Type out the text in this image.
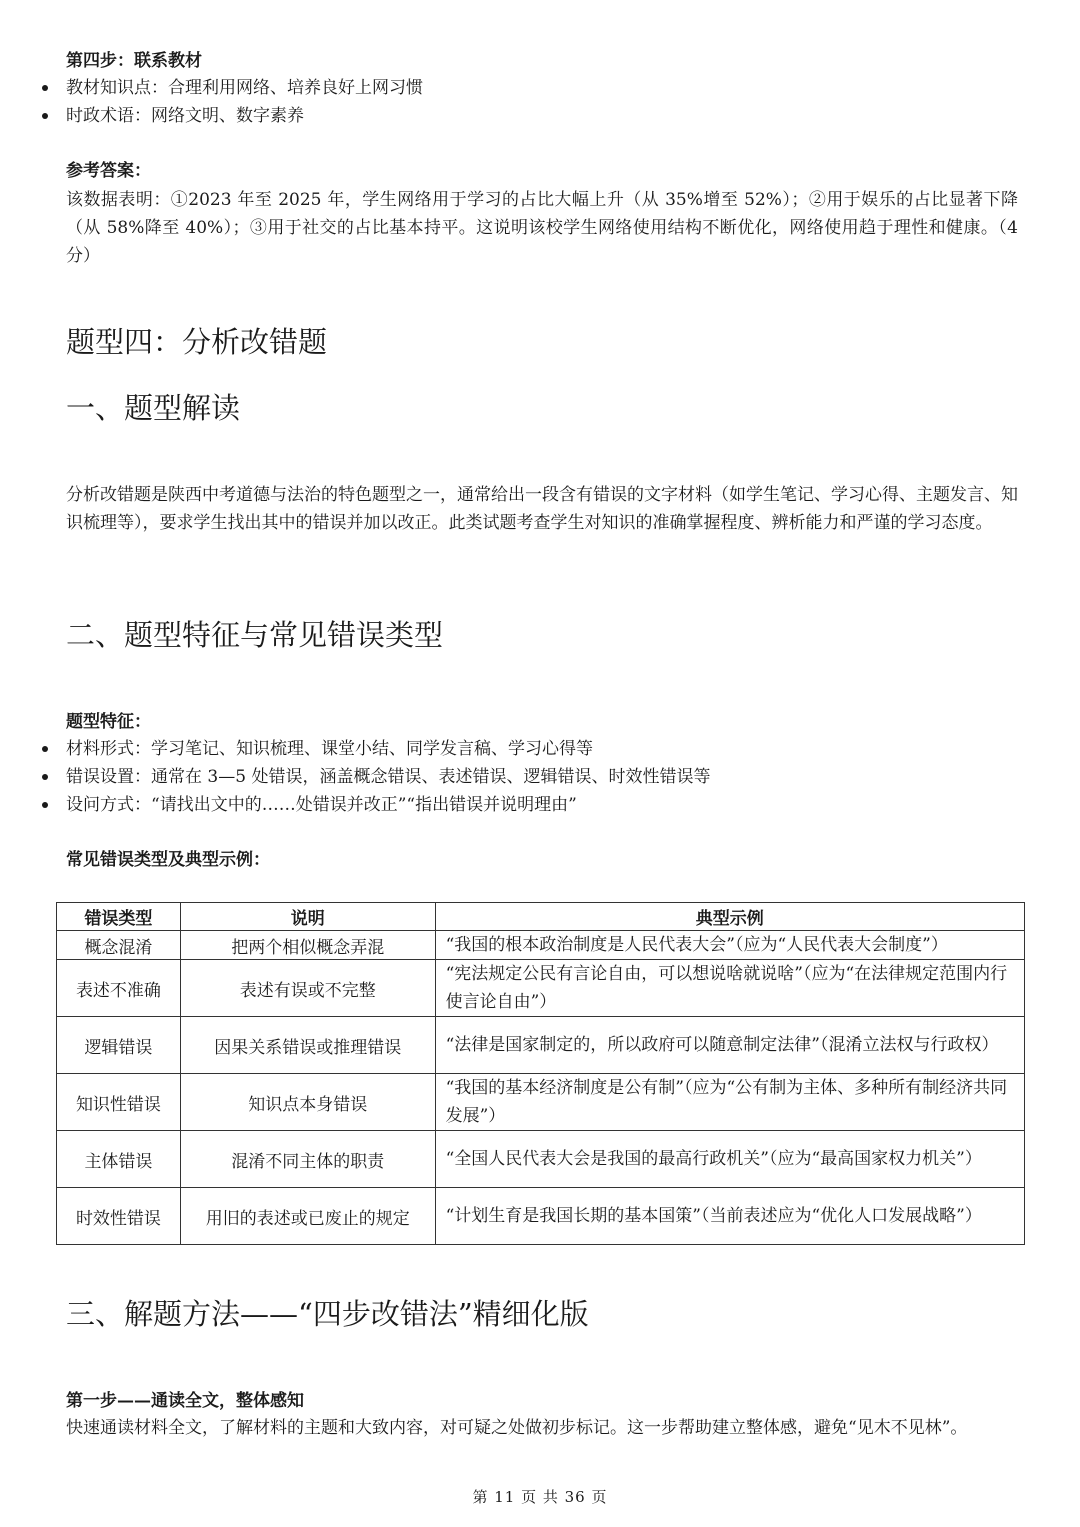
第四步：联系教材
教材知识点：合理利用网络、培养良好上网习惯
时政术语：网络文明、数字素养
参考答案：
该数据表明：①2023 年至 2025 年，学生网络用于学习的占比大幅上升（从 35%增至 52%）；②用于娱乐的占比显著下降（从 58%降至 40%）；③用于社交的占比基本持平。这说明该校学生网络使用结构不断优化，网络使用趋于理性和健康。（4 分）
题型四：分析改错题
一、题型解读
分析改错题是陕西中考道德与法治的特色题型之一，通常给出一段含有错误的文字材料（如学生笔记、学习心得、主题发言、知识梳理等），要求学生找出其中的错误并加以改正。此类试题考查学生对知识的准确掌握程度、辨析能力和严谨的学习态度。
二、题型特征与常见错误类型
题型特征：
材料形式：学习笔记、知识梳理、课堂小结、同学发言稿、学习心得等
错误设置：通常在 3—5 处错误，涵盖概念错误、表述错误、逻辑错误、时效性错误等
设问方式：“请找出文中的……处错误并改正”“指出错误并说明理由”
常见错误类型及典型示例：
错误类型	说明	典型示例
概念混淆	把两个相似概念弄混	“我国的根本政治制度是人民代表大会”（应为“人民代表大会制度”）
表述不准确	表述有误或不完整	“宪法规定公民有言论自由，可以想说啥就说啥”（应为“在法律规定范围内行使言论自由”）
逻辑错误	因果关系错误或推理错误	“法律是国家制定的，所以政府可以随意制定法律”（混淆立法权与行政权）
知识性错误	知识点本身错误	“我国的基本经济制度是公有制”（应为“公有制为主体、多种所有制经济共同发展”）
主体错误	混淆不同主体的职责	“全国人民代表大会是我国的最高行政机关”（应为“最高国家权力机关”）
时效性错误	用旧的表述或已废止的规定	“计划生育是我国长期的基本国策”（当前表述应为“优化人口发展战略”）
三、解题方法——“四步改错法”精细化版
第一步——通读全文，整体感知
快速通读材料全文，了解材料的主题和大致内容，对可疑之处做初步标记。这一步帮助建立整体感，避免“见木不见林”。
第 11 页 共 36 页
